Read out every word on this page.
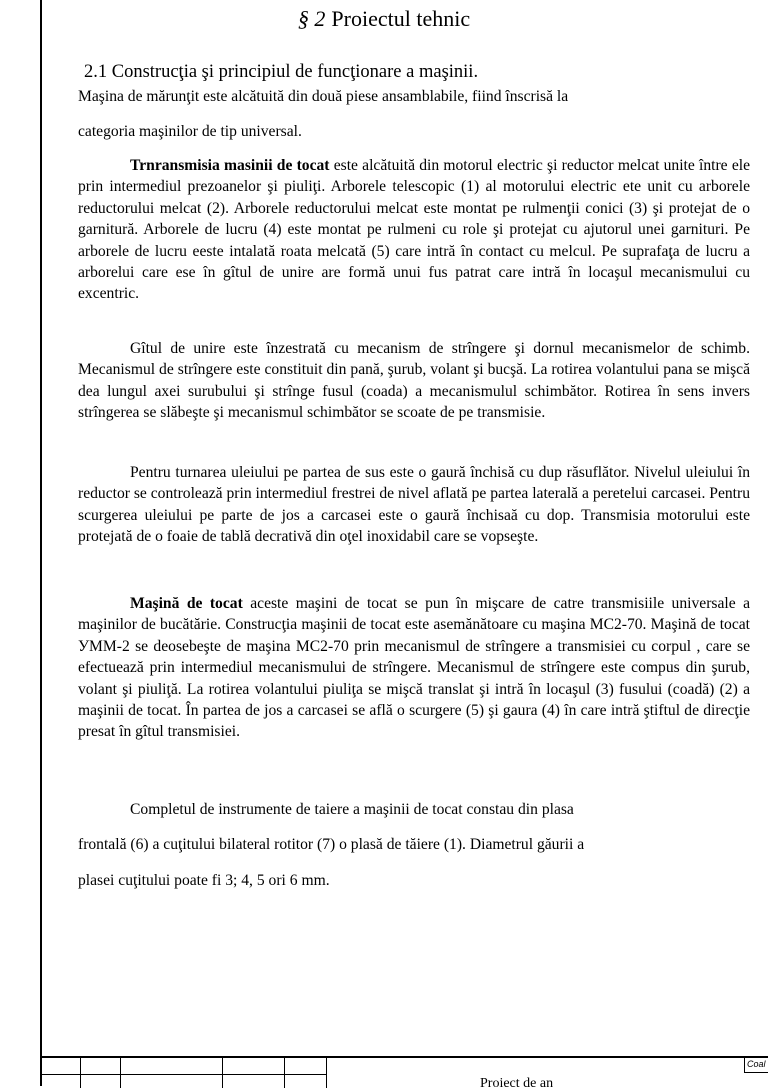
§ 2 Proiectul tehnic
2.1 Construcţia şi principiul de funcţionare a maşinii.
Maşina de mărunţit este alcătuită din două piese ansamblabile, fiind înscrisă la
categoria maşinilor de tip universal.
Trnransmisia masinii de tocat este alcătuită din motorul electric şi reductor melcat unite între ele prin intermediul prezoanelor şi piuliţi. Arborele telescopic (1) al motorului electric ete unit cu arborele reductorului melcat (2). Arborele reductorului melcat este montat pe rulmenţii conici (3) şi protejat de o garnitură. Arborele de lucru (4) este montat pe rulmeni cu role şi protejat cu ajutorul unei garnituri. Pe arborele de lucru eeste intalată roata melcată (5) care intră în contact cu melcul. Pe suprafaţa de lucru a arborelui care ese în gîtul de unire are formă unui fus patrat care intră în locaşul mecanismului cu excentric.
Gîtul de unire este înzestrată cu mecanism de strîngere şi dornul mecanismelor de schimb. Mecanismul de strîngere este constituit din pană, şurub, volant şi bucşă. La rotirea volantului pana se mişcă dea lungul axei surubului şi strînge fusul (coada) a mecanismulul schimbător. Rotirea în sens invers strîngerea se slăbeşte şi mecanismul schimbător se scoate de pe transmisie.
Pentru turnarea uleiului pe partea de sus este o gaură închisă cu dup răsuflător. Nivelul uleiului în reductor se controlează prin intermediul frestrei de nivel aflată pe partea laterală a peretelui carcasei. Pentru scurgerea uleiului pe parte de jos a carcasei este o gaură închisaă cu dop. Transmisia motorului este protejată de o foaie de tablă decrativă din oţel inoxidabil care se vopseşte.
Maşină de tocat aceste maşini de tocat se pun în mişcare de catre transmisiile universale a maşinilor de bucătărie. Construcţia maşinii de tocat este asemănătoare cu maşina MC2-70. Maşină de tocat УММ-2 se deosebeşte de maşina MC2-70 prin mecanismul de strîngere a transmisiei cu corpul , care se efectuează prin intermediul mecanismului de strîngere. Mecanismul de strîngere este compus din şurub, volant şi piuliţă. La rotirea volantului piuliţa se mişcă translat şi intră în locaşul (3) fusului (coadă) (2) a maşinii de tocat. În partea de jos a carcasei se află o scurgere (5) şi gaura (4) în care intră ştiftul de direcţie presat în gîtul transmisiei.
Completul de instrumente de taiere a maşinii de tocat constau din plasa
frontală (6) a cuţitului bilateral rotitor (7) o plasă de tăiere (1). Diametrul găurii a
plasei cuţitului poate fi 3; 4, 5 ori 6 mm.
Coal
Proiect de an
